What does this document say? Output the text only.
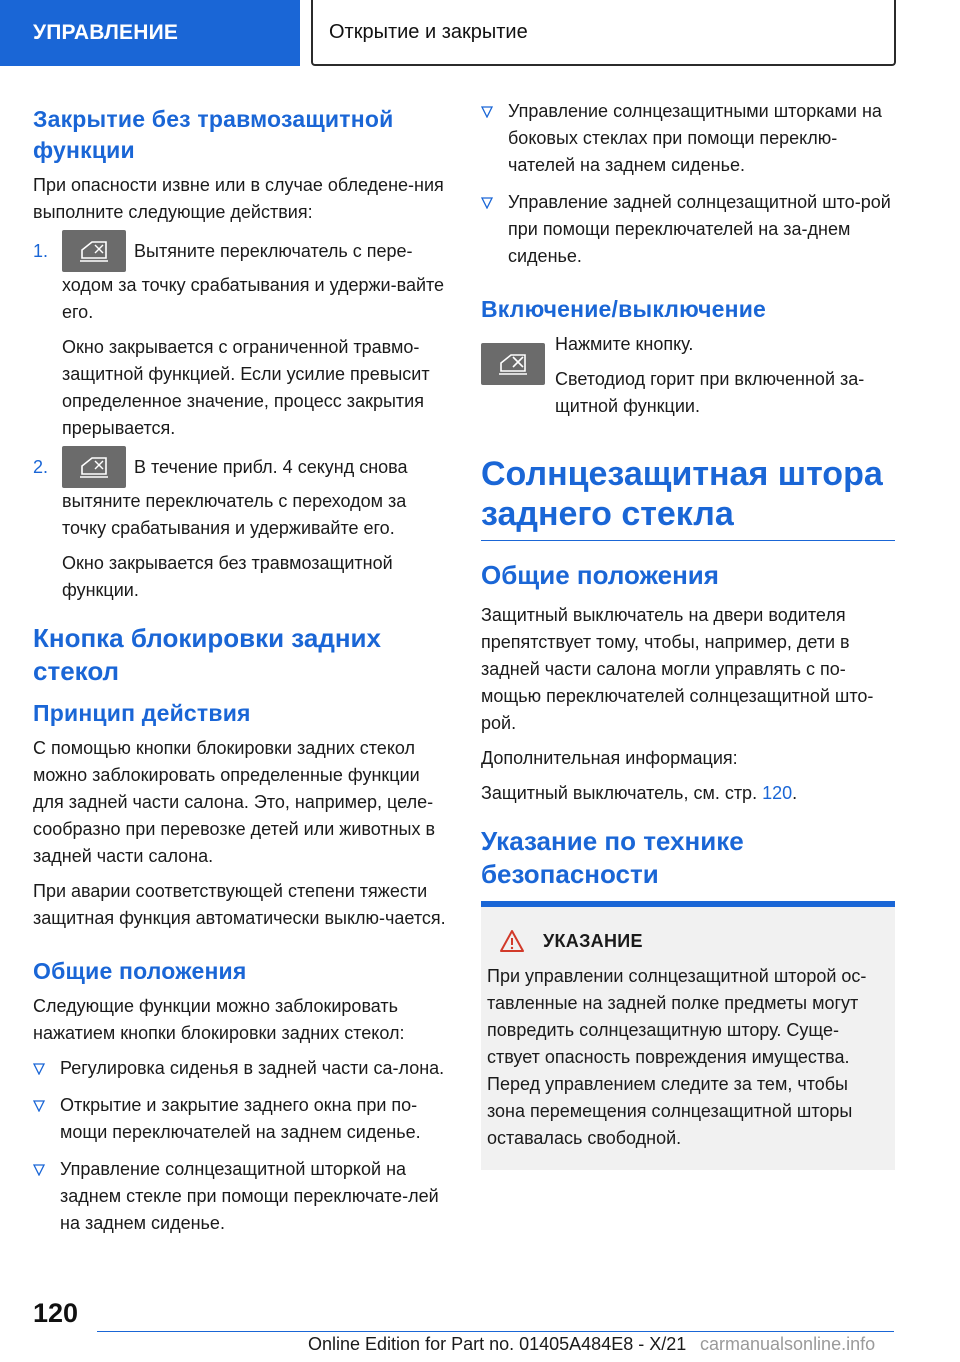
УПРАВЛЕНИЕ	Открытие и закрытие
Закрытие без травмозащитной функции
При опасности извне или в случае обледене-ния выполните следующие действия:
1.	Вытяните переключатель с пере-ходом за точку срабатывания и удержи-вайте его.
Окно закрывается с ограниченной травмо-защитной функцией. Если усилие превысит определенное значение, процесс закрытия прерывается.
2.	В течение прибл. 4 секунд снова вытяните переключатель с переходом за точку срабатывания и удерживайте его.
Окно закрывается без травмозащитной функции.
Кнопка блокировки задних стекол
Принцип действия
С помощью кнопки блокировки задних стекол можно заблокировать определенные функции для задней части салона. Это, например, целе-сообразно при перевозке детей или животных в задней части салона.
При аварии соответствующей степени тяжести защитная функция автоматически выклю-чается.
Общие положения
Следующие функции можно заблокировать нажатием кнопки блокировки задних стекол:
Регулировка сиденья в задней части са-лона.
Открытие и закрытие заднего окна при по-мощи переключателей на заднем сиденье.
Управление солнцезащитной шторкой на заднем стекле при помощи переключате-лей на заднем сиденье.
Управление солнцезащитными шторками на боковых стеклах при помощи переклю-чателей на заднем сиденье.
Управление задней солнцезащитной што-рой при помощи переключателей на за-днем сиденье.
Включение/выключение
Нажмите кнопку.
Светодиод горит при включенной за-щитной функции.
Солнцезащитная штора заднего стекла
Общие положения
Защитный выключатель на двери водителя препятствует тому, чтобы, например, дети в задней части салона могли управлять с по-мощью переключателей солнцезащитной што-рой.
Дополнительная информация:
Защитный выключатель, см. стр. 120.
Указание по технике безопасности
УКАЗАНИЕ
При управлении солнцезащитной шторой ос-тавленные на задней полке предметы могут повредить солнцезащитную штору. Суще-ствует опасность повреждения имущества. Перед управлением следите за тем, чтобы зона перемещения солнцезащитной шторы оставалась свободной.
120
Online Edition for Part no. 01405A484E8 - X/21 carmanualsonline.info
